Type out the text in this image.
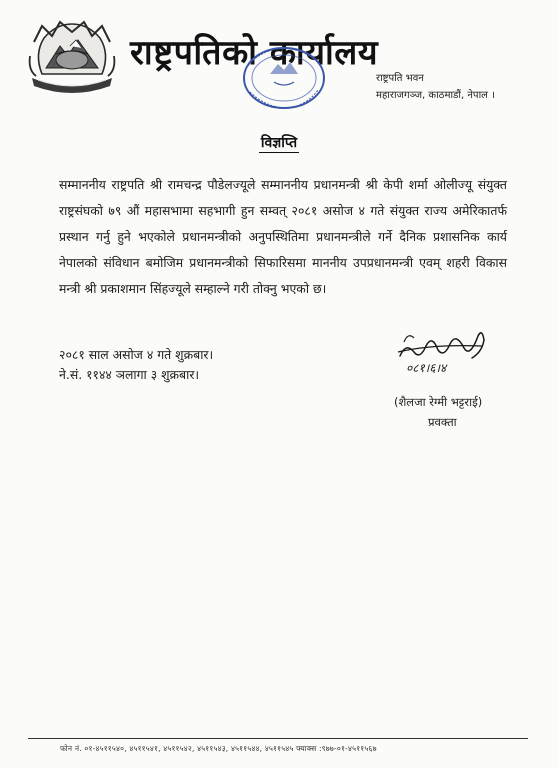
राष्ट्रपतिको कार्यालय
राष्ट्रपति भवन
महाराजगञ्ज, काठमाडौं, नेपाल ।
विज्ञप्ति
सम्माननीय राष्ट्रपति श्री रामचन्द्र पौडेलज्यूले सम्माननीय प्रधानमन्त्री श्री केपी शर्मा ओलीज्यू संयुक्त राष्ट्रसंघको ७९ औं महासभामा सहभागी हुन सम्वत् २०८१ असोज ४ गते संयुक्त राज्य अमेरिकातर्फ प्रस्थान गर्नु हुने भएकोले प्रधानमन्त्रीको अनुपस्थितिमा प्रधानमन्त्रीले गर्ने दैनिक प्रशासनिक कार्य नेपालको संविधान बमोजिम प्रधानमन्त्रीको सिफारिसमा माननीय उपप्रधानमन्त्री एवम् शहरी विकास मन्त्री श्री प्रकाशमान सिंहज्यूले सम्हाल्ने गरी तोक्नु भएको छ।
२०८१ साल असोज ४ गते शुक्रबार।
ने.सं. ११४४ ञलागा ३ शुक्रबार।	०८१।६।४
(शैलजा रेग्मी भट्टराई)
प्रवक्ता
फोन नं. ०१-४५११५४०, ४५११५४१, ४५११५४२, ४५११५४३, ४५११५४४, ४५११५४५ फ्याक्स :९७७-०१-४५११५६७
